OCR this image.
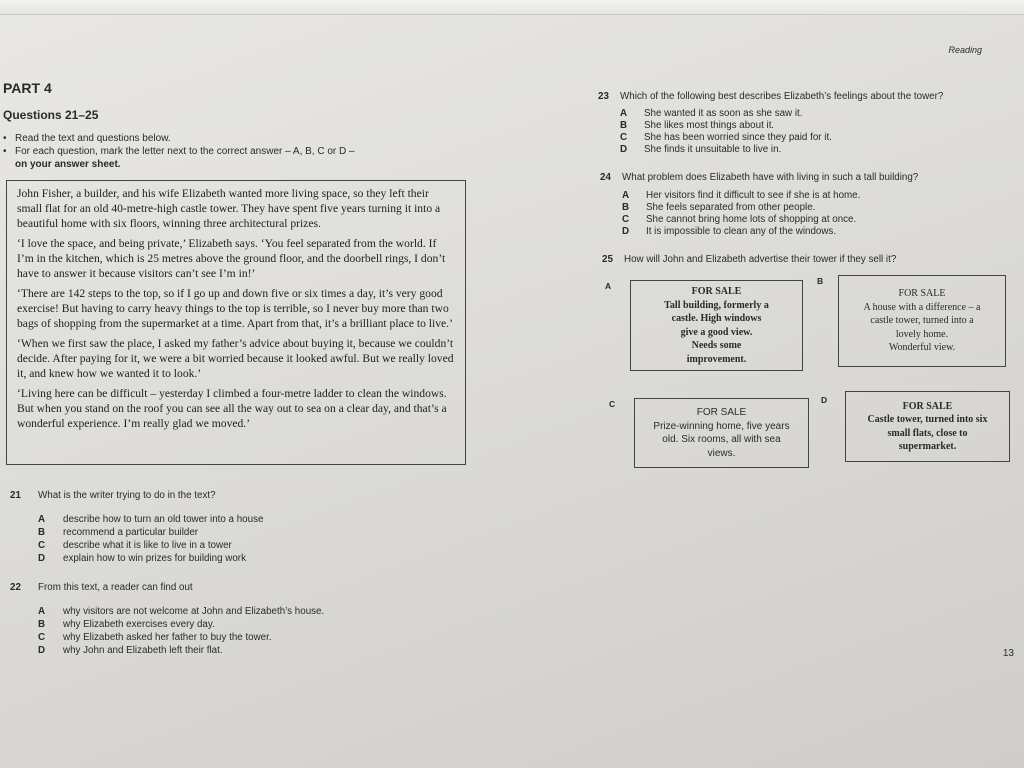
Reading
PART 4
Questions 21–25
• Read the text and questions below.
• For each question, mark the letter next to the correct answer – A, B, C or D –
on your answer sheet.

John Fisher, a builder, and his wife Elizabeth wanted more living space, so they left their small flat for an old 40-metre-high castle tower. They have spent five years turning it into a beautiful home with six floors, winning three architectural prizes.

‘I love the space, and being private,’ Elizabeth says. ‘You feel separated from the world. If I’m in the kitchen, which is 25 metres above the ground floor, and the doorbell rings, I don’t have to answer it because visitors can’t see I’m in!’

‘There are 142 steps to the top, so if I go up and down five or six times a day, it’s very good exercise! But having to carry heavy things to the top is terrible, so I never buy more than two bags of shopping from the supermarket at a time. Apart from that, it’s a brilliant place to live.’

‘When we first saw the place, I asked my father’s advice about buying it, because we couldn’t decide. After paying for it, we were a bit worried because it looked awful. But we really loved it, and knew how we wanted it to look.’

‘Living here can be difficult – yesterday I climbed a four-metre ladder to clean the windows. But when you stand on the roof you can see all the way out to sea on a clear day, and that’s a wonderful experience. I’m really glad we moved.’

21 What is the writer trying to do in the text?
A describe how to turn an old tower into a house
B recommend a particular builder
C describe what it is like to live in a tower
D explain how to win prizes for building work
22 From this text, a reader can find out
A why visitors are not welcome at John and Elizabeth’s house.
B why Elizabeth exercises every day.
C why Elizabeth asked her father to buy the tower.
D why John and Elizabeth left their flat.
23 Which of the following best describes Elizabeth’s feelings about the tower?
A She wanted it as soon as she saw it.
B She likes most things about it.
C She has been worried since they paid for it.
D She finds it unsuitable to live in.
24 What problem does Elizabeth have with living in such a tall building?
A Her visitors find it difficult to see if she is at home.
B She feels separated from other people.
C She cannot bring home lots of shopping at once.
D It is impossible to clean any of the windows.
25 How will John and Elizabeth advertise their tower if they sell it?
A	FOR SALE
Tall building, formerly a
castle. High windows
give a good view.
Needs some
improvement.
B
FOR SALE
A house with a difference – a
castle tower, turned into a
lovely home.
Wonderful view.
C
FOR SALE
Prize-winning home, five years
old. Six rooms, all with sea
views.
D
FOR SALE
Castle tower, turned into six
small flats, close to
supermarket.
13
